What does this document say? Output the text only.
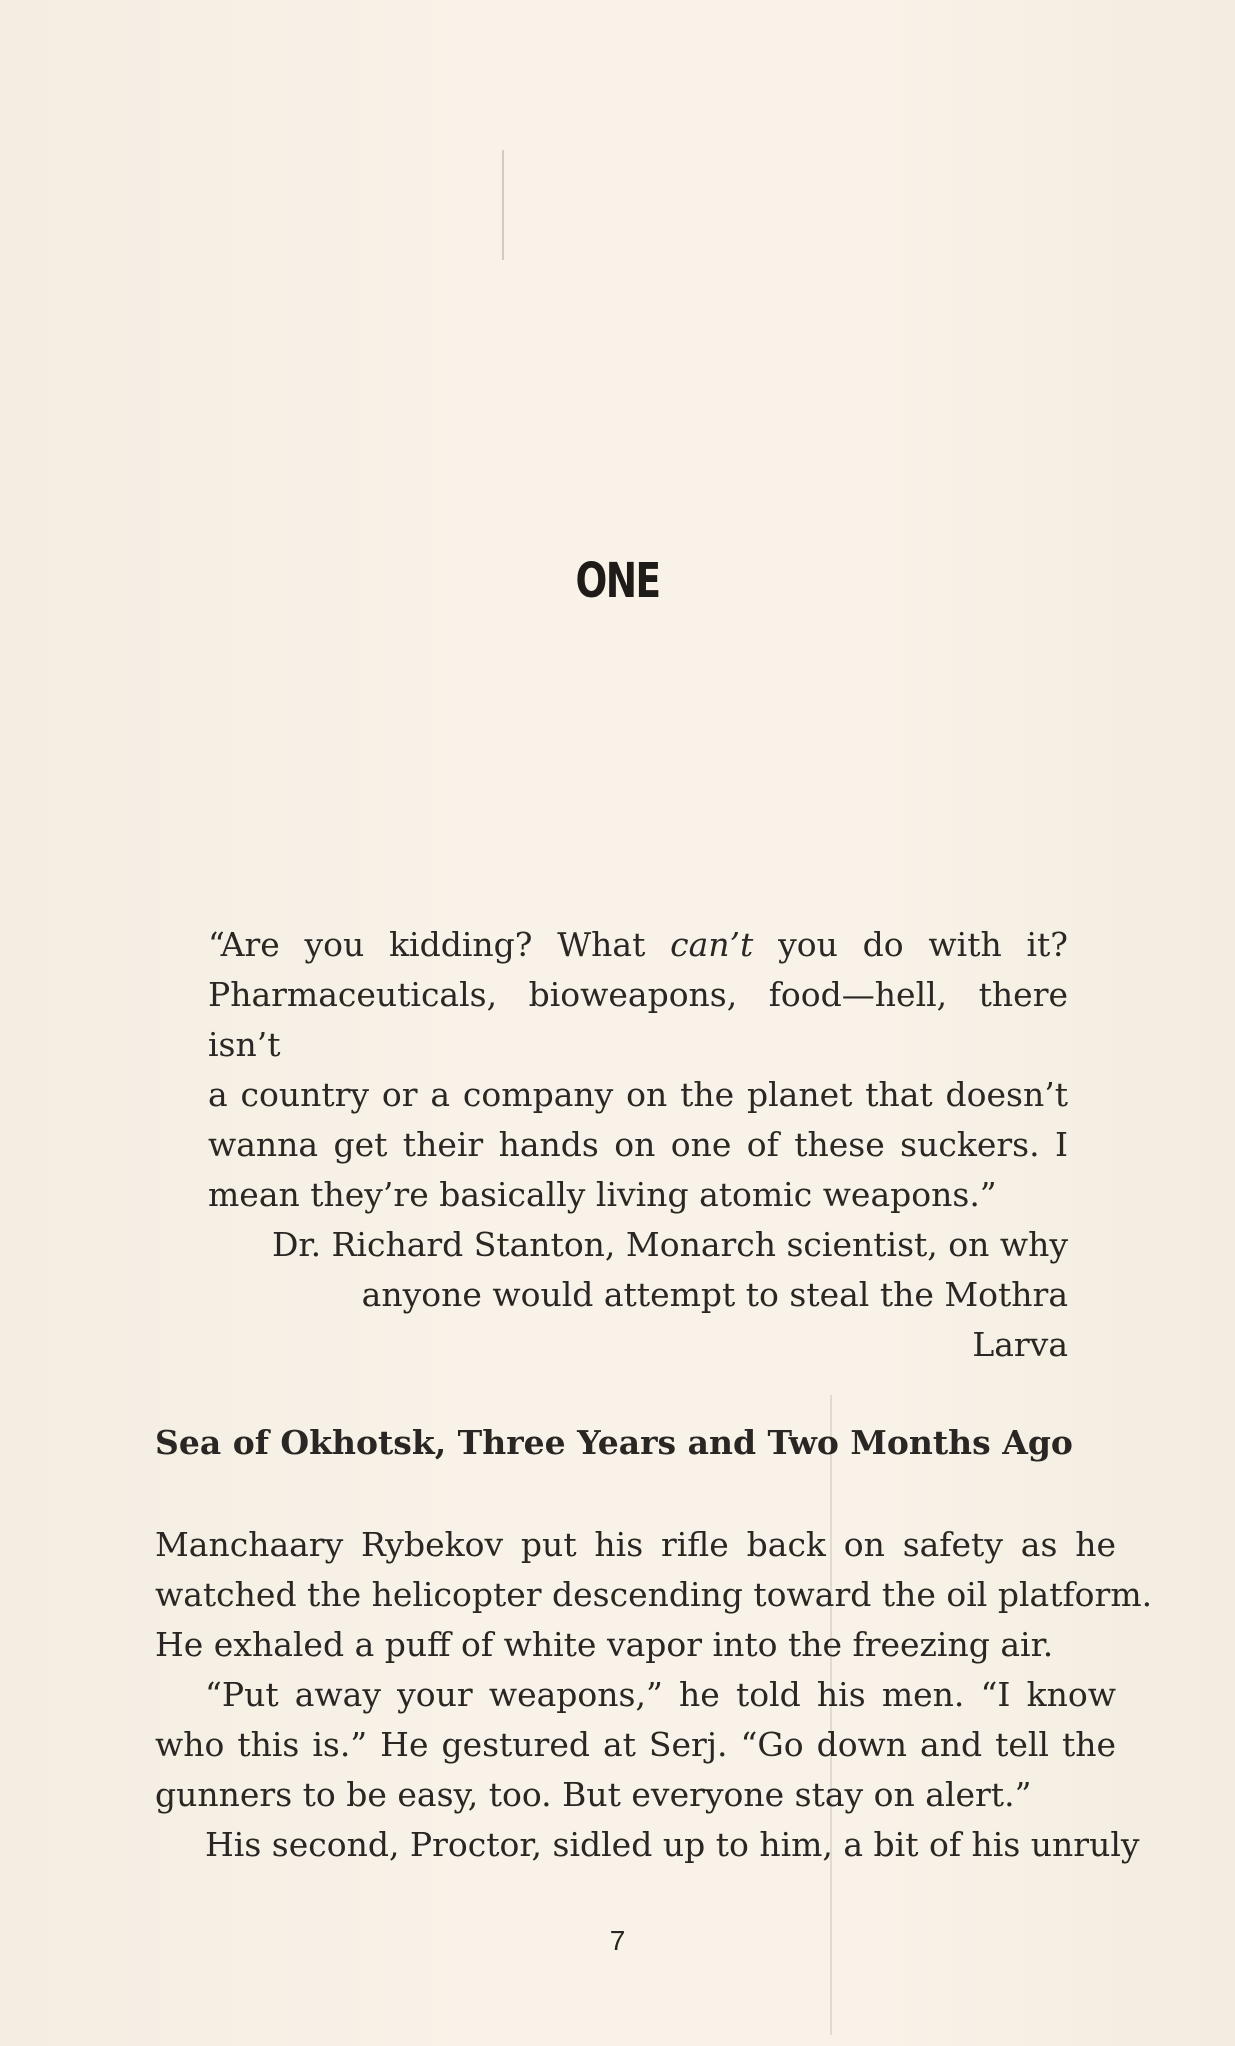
ONE
“Are you kidding? What can’t you do with it?
Pharmaceuticals, bioweapons, food—hell, there isn’t
a country or a company on the planet that doesn’t
wanna get their hands on one of these suckers. I
mean they’re basically living atomic weapons.”
Dr. Richard Stanton, Monarch scientist, on why
anyone would attempt to steal the Mothra Larva
Sea of Okhotsk, Three Years and Two Months Ago
Manchaary Rybekov put his rifle back on safety as he
watched the helicopter descending toward the oil platform.
He exhaled a puff of white vapor into the freezing air.
“Put away your weapons,” he told his men. “I know
who this is.” He gestured at Serj. “Go down and tell the
gunners to be easy, too. But everyone stay on alert.”
His second, Proctor, sidled up to him, a bit of his unruly
7
